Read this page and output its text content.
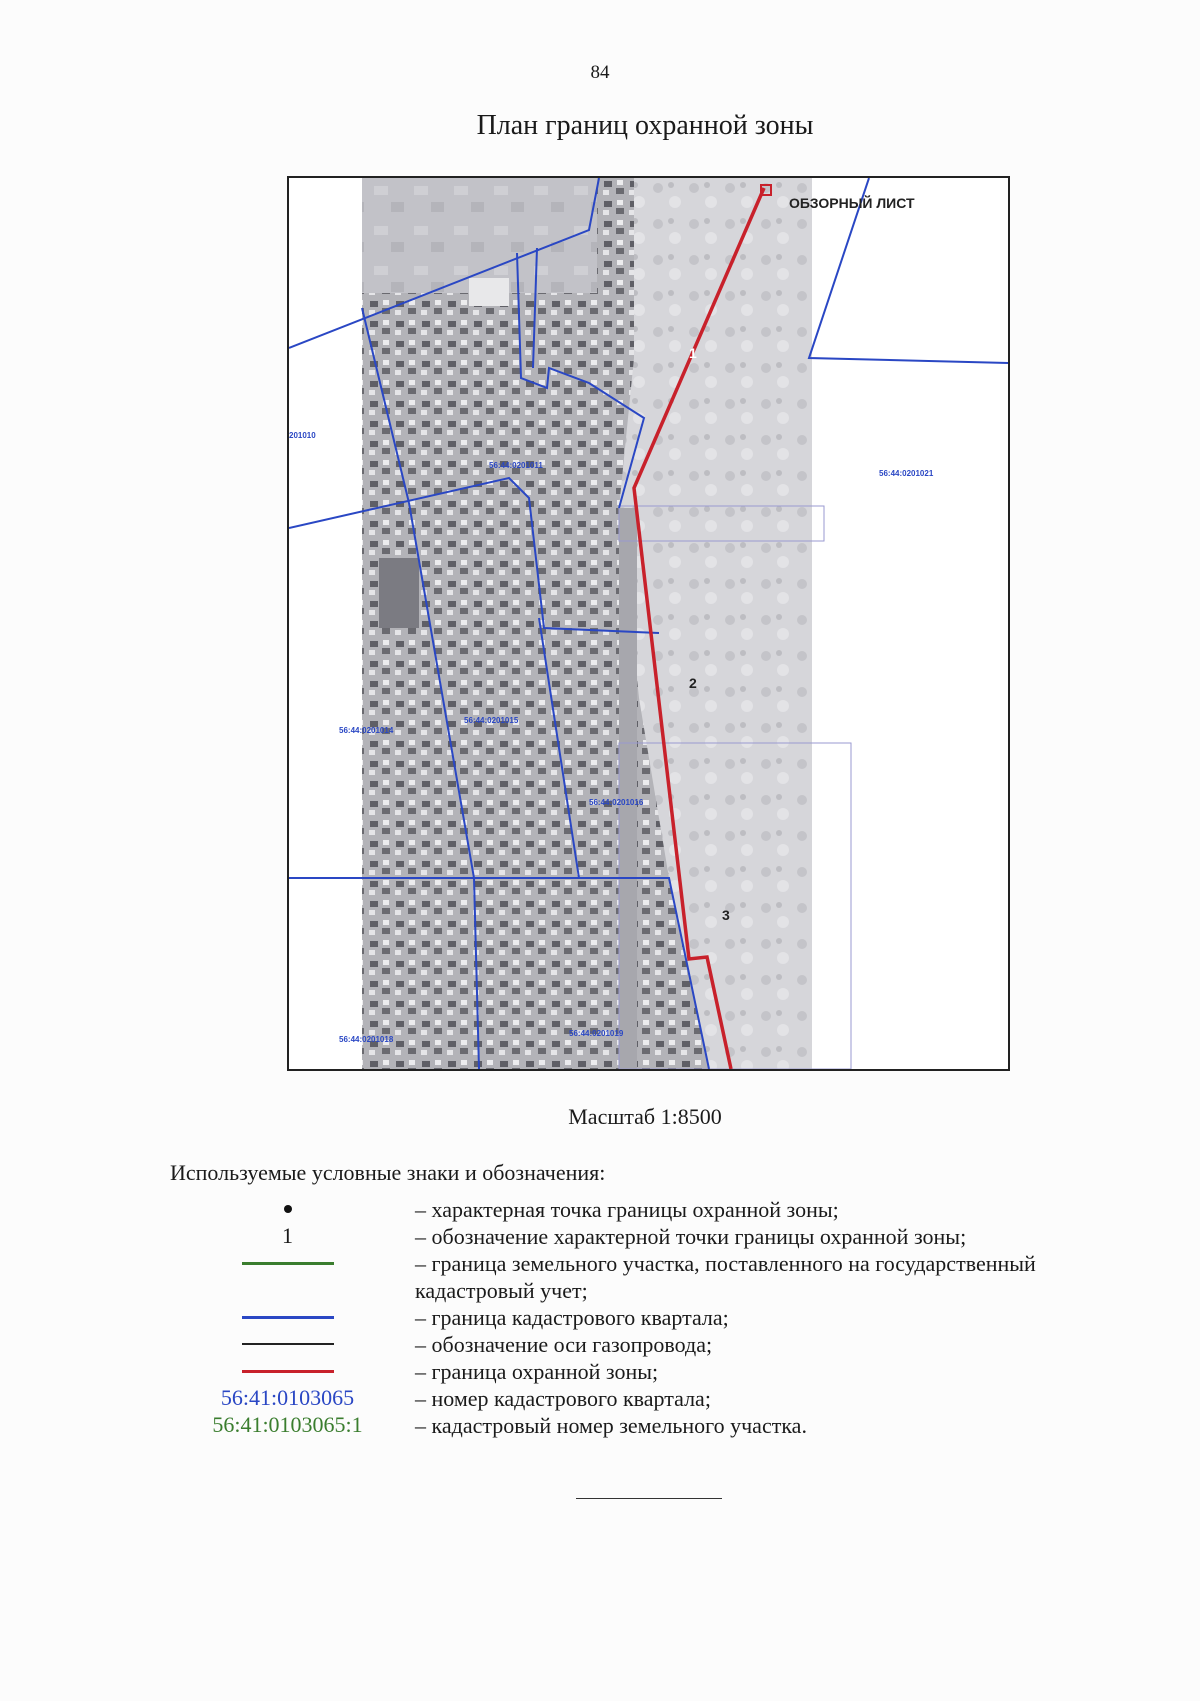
84
План границ охранной зоны
ОБЗОРНЫЙ ЛИСТ
1
2
3
201010
56:44:0201021
56:44:0201011
56:44:0201015
56:44:0201014
56:44:0201016
56:44:0201018
56:44:0201019
Масштаб 1:8500
Используемые условные знаки и обозначения:
– характерная точка границы охранной зоны;
1	– обозначение характерной точки границы охранной зоны;
– граница земельного участка, поставленного на государственный кадастровый учет;
– граница кадастрового квартала;
– обозначение оси газопровода;
– граница охранной зоны;
56:41:0103065	– номер кадастрового квартала;
56:41:0103065:1 – кадастровый номер земельного участка.
